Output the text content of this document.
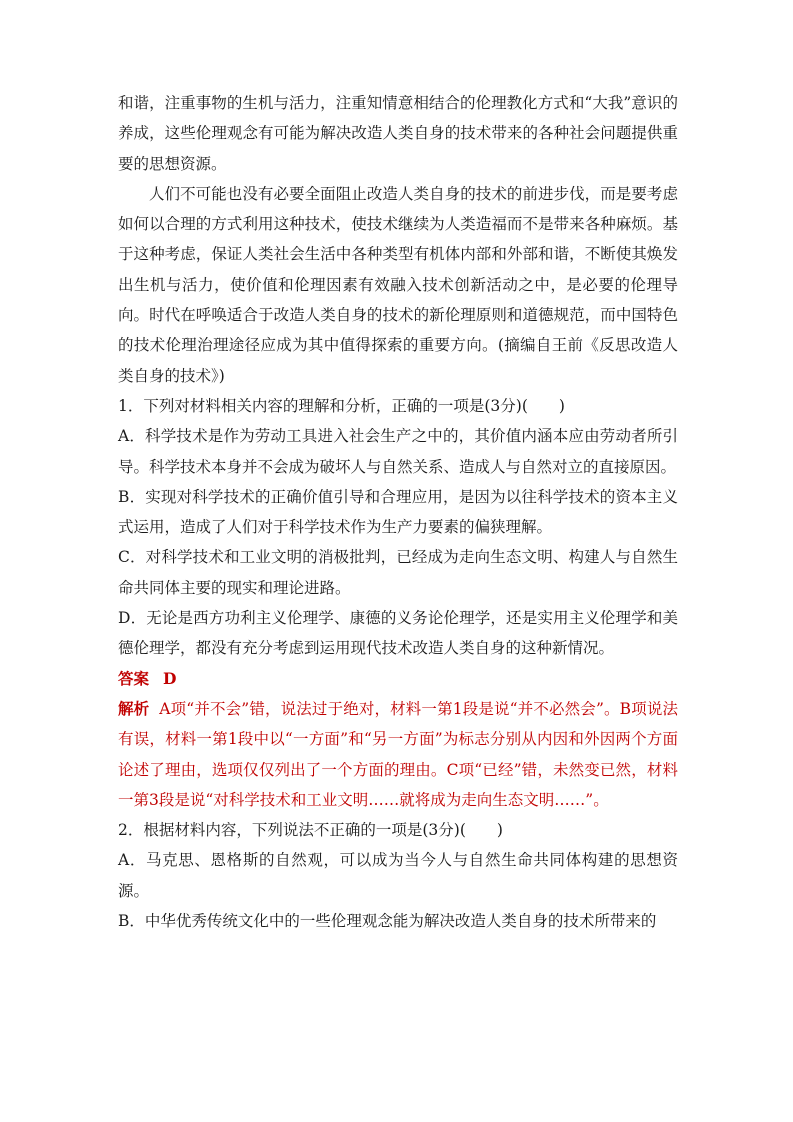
和谐，注重事物的生机与活力，注重知情意相结合的伦理教化方式和“大我”意识的养成，这些伦理观念有可能为解决改造人类自身的技术带来的各种社会问题提供重要的思想资源。

人们不可能也没有必要全面阻止改造人类自身的技术的前进步伐，而是要考虑如何以合理的方式利用这种技术，使技术继续为人类造福而不是带来各种麻烦。基于这种考虑，保证人类社会生活中各种类型有机体内部和外部和谐，不断使其焕发出生机与活力，使价值和伦理因素有效融入技术创新活动之中，是必要的伦理导向。时代在呼唤适合于改造人类自身的技术的新伦理原则和道德规范，而中国特色的技术伦理治理途径应成为其中值得探索的重要方向。(摘编自王前《反思改造人类自身的技术》)

1．下列对材料相关内容的理解和分析，正确的一项是(3分)(　　)

A．科学技术是作为劳动工具进入社会生产之中的，其价值内涵本应由劳动者所引导。科学技术本身并不会成为破坏人与自然关系、造成人与自然对立的直接原因。

B．实现对科学技术的正确价值引导和合理应用，是因为以往科学技术的资本主义式运用，造成了人们对于科学技术作为生产力要素的偏狭理解。

C．对科学技术和工业文明的消极批判，已经成为走向生态文明、构建人与自然生命共同体主要的现实和理论进路。

D．无论是西方功利主义伦理学、康德的义务论伦理学，还是实用主义伦理学和美德伦理学，都没有充分考虑到运用现代技术改造人类自身的这种新情况。

答案 D

解析 A项“并不会”错，说法过于绝对，材料一第1段是说“并不必然会”。B项说法有误，材料一第1段中以“一方面”和“另一方面”为标志分别从内因和外因两个方面论述了理由，选项仅仅列出了一个方面的理由。C项“已经”错，未然变已然，材料一第3段是说“对科学技术和工业文明……就将成为走向生态文明……”。

2．根据材料内容，下列说法不正确的一项是(3分)(　　)

A．马克思、恩格斯的自然观，可以成为当今人与自然生命共同体构建的思想资源。

B．中华优秀传统文化中的一些伦理观念能为解决改造人类自身的技术所带来的
